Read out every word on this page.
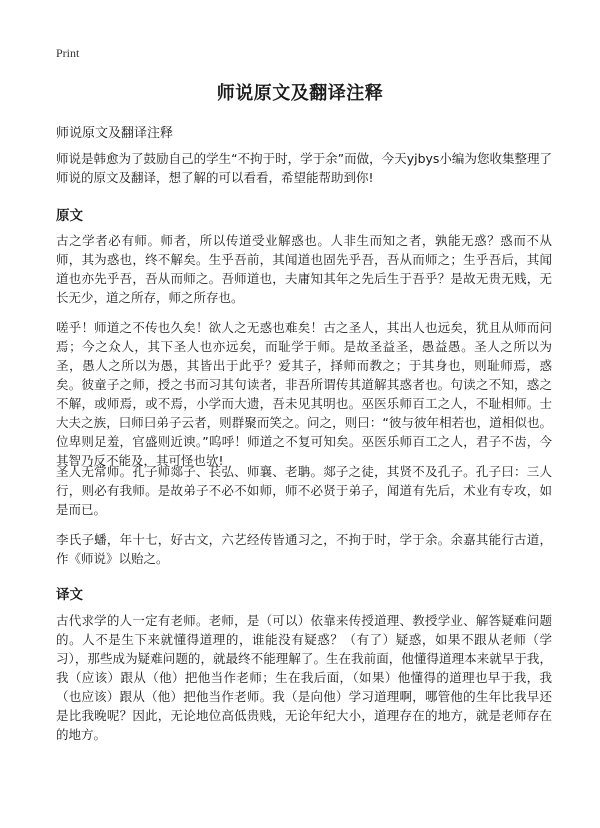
Print
师说原文及翻译注释
师说原文及翻译注释
师说是韩愈为了鼓励自己的学生“不拘于时，学于余”而做，今天yjbys小编为您收集整理了师说的原文及翻译，想了解的可以看看，希望能帮助到你!
原文
古之学者必有师。师者，所以传道受业解惑也。人非生而知之者，孰能无惑？惑而不从师，其为惑也，终不解矣。生乎吾前，其闻道也固先乎吾，吾从而师之；生乎吾后，其闻道也亦先乎吾，吾从而师之。吾师道也，夫庸知其年之先后生于吾乎？是故无贵无贱，无长无少，道之所存，师之所存也。
嗟乎！师道之不传也久矣！欲人之无惑也难矣！古之圣人，其出人也远矣，犹且从师而问焉；今之众人，其下圣人也亦远矣，而耻学于师。是故圣益圣，愚益愚。圣人之所以为圣，愚人之所以为愚，其皆出于此乎？爱其子，择师而教之；于其身也，则耻师焉，惑矣。彼童子之师，授之书而习其句读者，非吾所谓传其道解其惑者也。句读之不知，惑之不解，或师焉，或不焉，小学而大遗，吾未见其明也。巫医乐师百工之人，不耻相师。士大夫之族，曰师曰弟子云者，则群聚而笑之。问之，则曰：“彼与彼年相若也，道相似也。位卑则足羞，官盛则近谀。”呜呼！师道之不复可知矣。巫医乐师百工之人，君子不齿，今其智乃反不能及，其可怪也欤!
圣人无常师。孔子师郯子、苌弘、师襄、老聃。郯子之徒，其贤不及孔子。孔子曰：三人行，则必有我师。是故弟子不必不如师，师不必贤于弟子，闻道有先后，术业有专攻，如是而已。
李氏子蟠，年十七，好古文，六艺经传皆通习之，不拘于时，学于余。余嘉其能行古道，作《师说》以贻之。
译文
古代求学的人一定有老师。老师，是（可以）依靠来传授道理、教授学业、解答疑难问题的。人不是生下来就懂得道理的，谁能没有疑惑？（有了）疑惑，如果不跟从老师（学习），那些成为疑难问题的，就最终不能理解了。生在我前面，他懂得道理本来就早于我，我（应该）跟从（他）把他当作老师；生在我后面，（如果）他懂得的道理也早于我，我（也应该）跟从（他）把他当作老师。我（是向他）学习道理啊，哪管他的生年比我早还是比我晚呢？因此，无论地位高低贵贱，无论年纪大小，道理存在的地方，就是老师存在的地方。
